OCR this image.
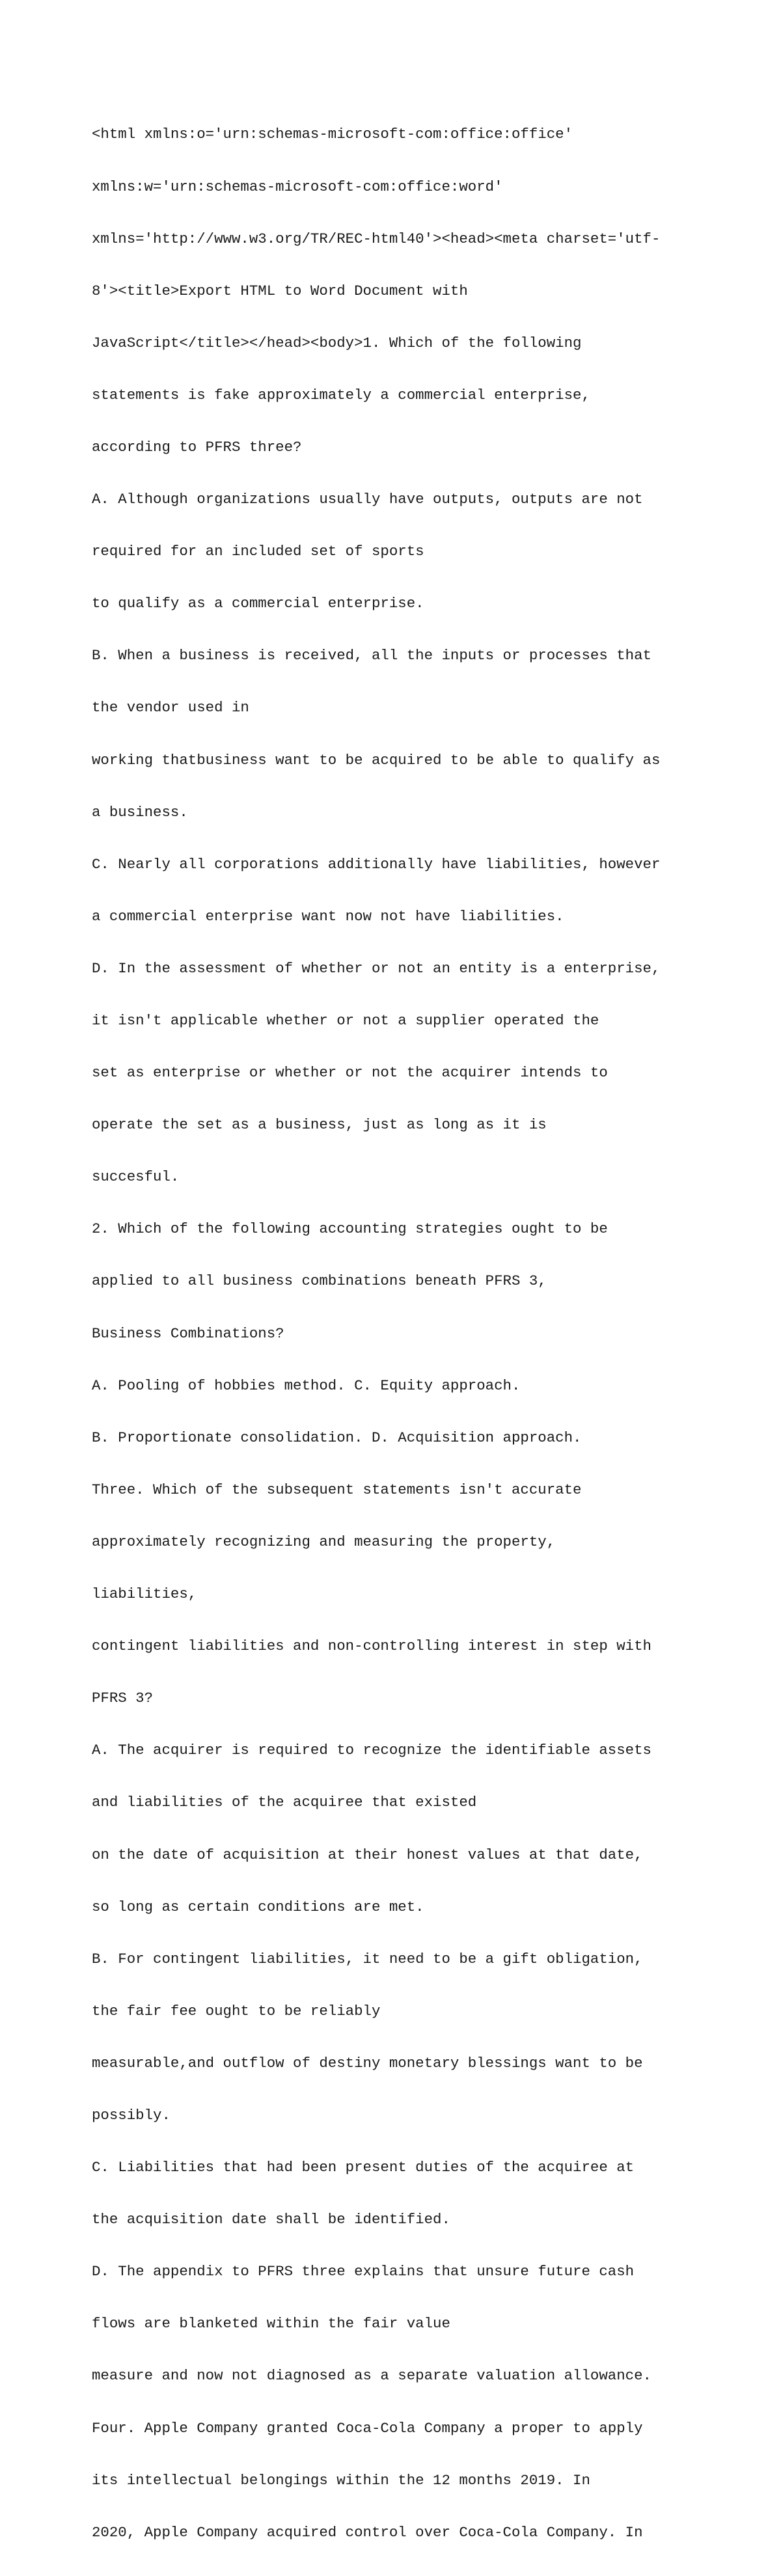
<html xmlns:o='urn:schemas-microsoft-com:office:office'

xmlns:w='urn:schemas-microsoft-com:office:word'

xmlns='http://www.w3.org/TR/REC-html40'><head><meta charset='utf-

8'><title>Export HTML to Word Document with

JavaScript</title></head><body>1. Which of the following

statements is fake approximately a commercial enterprise,

according to PFRS three?

A. Although organizations usually have outputs, outputs are not

required for an included set of sports

to qualify as a commercial enterprise.

B. When a business is received, all the inputs or processes that

the vendor used in

working thatbusiness want to be acquired to be able to qualify as

a business.

C. Nearly all corporations additionally have liabilities, however

a commercial enterprise want now not have liabilities.

D. In the assessment of whether or not an entity is a enterprise,

it isn't applicable whether or not a supplier operated the

set as enterprise or whether or not the acquirer intends to

operate the set as a business, just as long as it is

succesful.

2. Which of the following accounting strategies ought to be

applied to all business combinations beneath PFRS 3,

Business Combinations?

A. Pooling of hobbies method. C. Equity approach.

B. Proportionate consolidation. D. Acquisition approach.

Three. Which of the subsequent statements isn't accurate

approximately recognizing and measuring the property,

liabilities,

contingent liabilities and non-controlling interest in step with

PFRS 3?

A. The acquirer is required to recognize the identifiable assets

and liabilities of the acquiree that existed

on the date of acquisition at their honest values at that date,

so long as certain conditions are met.

B. For contingent liabilities, it need to be a gift obligation,

the fair fee ought to be reliably

measurable,and outflow of destiny monetary blessings want to be

possibly.

C. Liabilities that had been present duties of the acquiree at

the acquisition date shall be identified.

D. The appendix to PFRS three explains that unsure future cash

flows are blanketed within the fair value

measure and now not diagnosed as a separate valuation allowance.

Four. Apple Company granted Coca-Cola Company a proper to apply

its intellectual belongings within the 12 months 2019. In

2020, Apple Company acquired control over Coca-Cola Company. In
